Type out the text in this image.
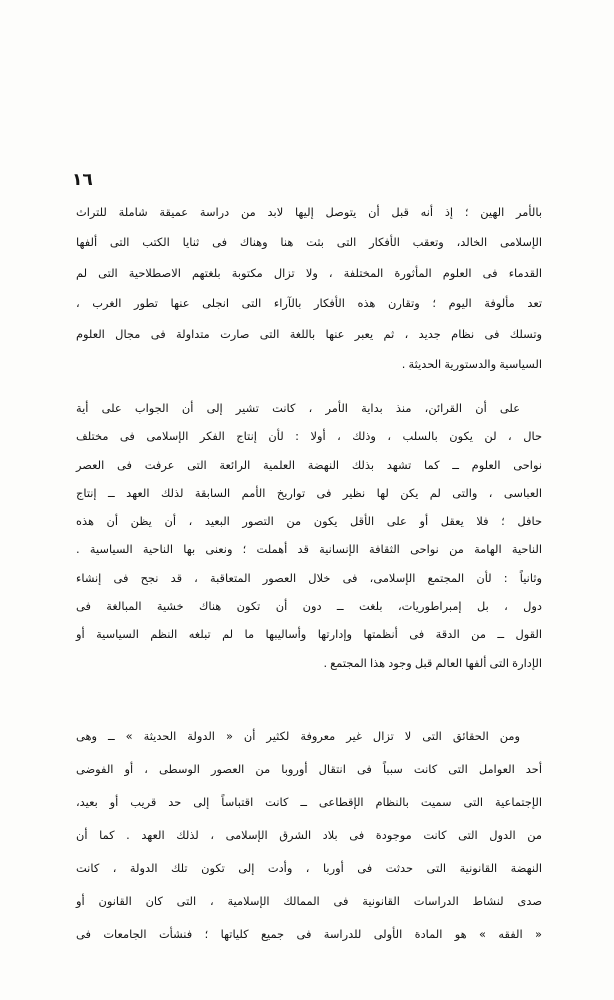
١٦
بالأمر الهين ؛ إذ أنه قبل أن يتوصل إليها لابد من دراسة عميقة شاملة للتراث
الإسلامى الخالد، وتعقب الأفكار التى بثت هنا وهناك فى ثنايا الكتب التى ألفها
القدماء فى العلوم المأثورة المختلفة ، ولا تزال مكتوبة بلغتهم الاصطلاحية التى لم
تعد مألوفة اليوم ؛ وتقارن هذه الأفكار بالآراء التى انجلى عنها تطور الغرب ،
وتسلك فى نظام جديد ، ثم يعبر عنها باللغة التى صارت متداولة فى مجال العلوم
السياسية والدستورية الحديثة .
على أن القرائن، منذ بداية الأمر ، كانت تشير إلى أن الجواب على أية
حال ، لن يكون بالسلب ، وذلك ، أولا : لأن إنتاج الفكر الإسلامى فى مختلف
نواحى العلوم ــ كما تشهد بذلك النهضة العلمية الرائعة التى عرفت فى العصر
العباسى ، والتى لم يكن لها نظير فى تواريخ الأمم السابقة لذلك العهد ــ إنتاج
حافل ؛ فلا يعقل أو على الأقل يكون من التصور البعيد ، أن يظن أن هذه
الناحية الهامة من نواحى الثقافة الإنسانية قد أهملت ؛ ونعنى بها الناحية السياسية .
وثانياً : لأن المجتمع الإسلامى، فى خلال العصور المتعاقبة ، قد نجح فى إنشاء
دول ، بل إمبراطوريات، بلغت ــ دون أن تكون هناك خشية المبالغة فى
القول ــ من الدقة فى أنظمتها وإدارتها وأساليبها ما لم تبلغه النظم السياسية أو
الإدارة التى ألفها العالم قبل وجود هذا المجتمع .
ومن الحقائق التى لا تزال غير معروفة لكثير أن « الدولة الحديثة » ــ وهى
أحد العوامل التى كانت سبباً فى انتقال أوروبا من العصور الوسطى ، أو الفوضى
الإجتماعية التى سميت بالنظام الإقطاعى ــ كانت اقتباساً إلى حد قريب أو بعيد،
من الدول التى كانت موجودة فى بلاد الشرق الإسلامى ، لذلك العهد . كما أن
النهضة القانونية التى حدثت فى أوربا ، وأدت إلى تكون تلك الدولة ، كانت
صدى لنشاط الدراسات القانونية فى الممالك الإسلامية ، التى كان القانون أو
« الفقه » هو المادة الأولى للدراسة فى جميع كلياتها ؛ فنشأت الجامعات فى
